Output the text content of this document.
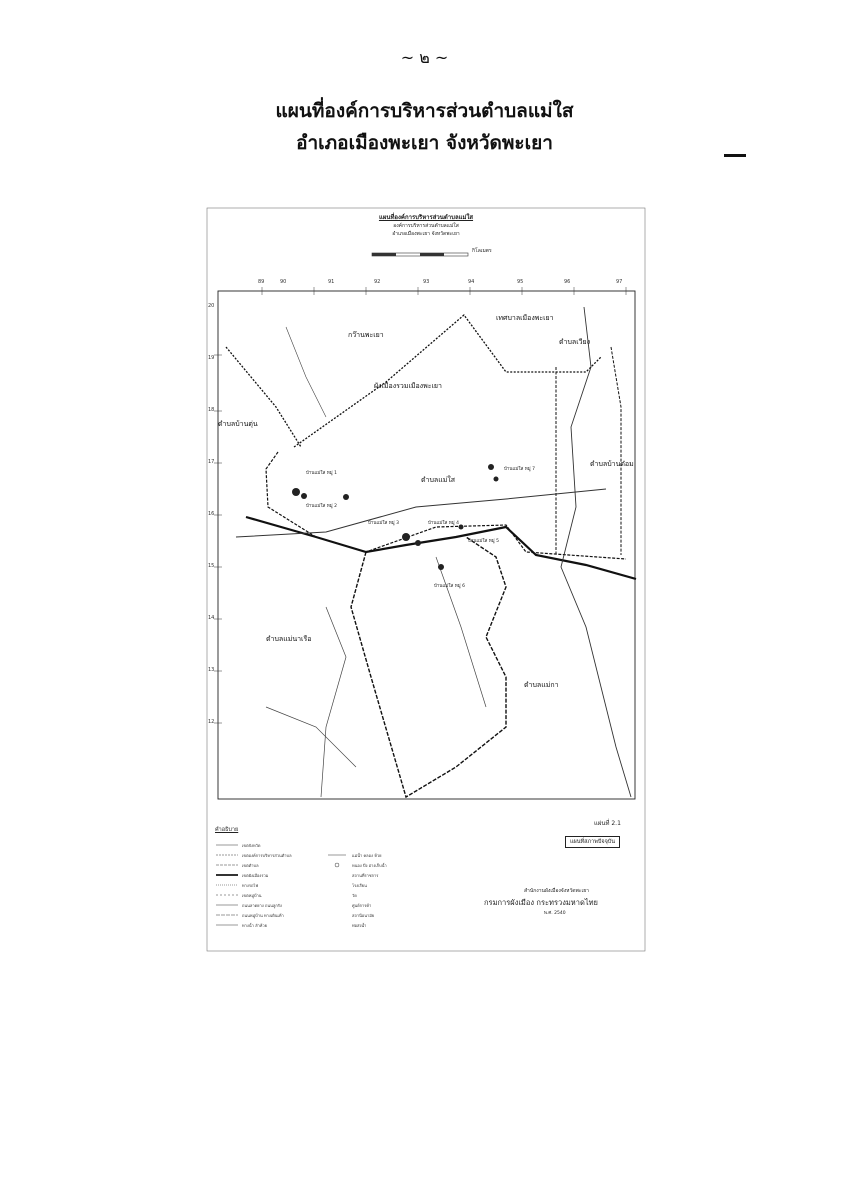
~ ๒ ~
แผนที่องค์การบริหารส่วนตำบลแม่ใส
อำเภอเมืองพะเยา จังหวัดพะเยา
แผนที่องค์การบริหารส่วนตำบลแม่ใส
องค์การบริหารส่วนตำบลแม่ใส
อำเภอเมืองพะเยา จังหวัดพะเยา
กิโลเมตร
89	90	91	92	93	94	95	96	97
20
19
18
17
16
15
14
13
12
กว๊านพะเยา
เทศบาลเมืองพะเยา
ตำบลเวียง
ผังเมืองรวมเมืองพะเยา
ตำบลบ้านตุ่น
ตำบลแม่ใส
ตำบลแม่นาเรือ
ตำบลแม่กา
ตำบลบ้านต๋อม
บ้านแม่ใส หมู่ 1
บ้านแม่ใส หมู่ 2
บ้านแม่ใส หมู่ 3	บ้านแม่ใส หมู่ 4
บ้านแม่ใส หมู่ 5
บ้านแม่ใส หมู่ 6
บ้านแม่ใส หมู่ 7
แผ่นที่ 2.1
แผนที่สภาพปัจจุบัน
คำอธิบาย
เขตจังหวัด
เขตองค์การบริหารส่วนตำบล
เขตตำบล
เขตผังเมืองรวม
ทางรถไฟ
เขตหมู่บ้าน
ถนนลาดยาง ถนนลูกรัง
ถนนหมู่บ้าน ทางเดินเท้า
ทางน้ำ ลำห้วย
แม่น้ำ คลอง ห้วย
หนอง บึง อ่างเก็บน้ำ
สถานที่ราชการ
โรงเรียน
วัด
ศูนย์การค้า
สถานีอนามัย
ท่อส่งน้ำ
สำนักงานผังเมืองจังหวัดพะเยา
กรมการผังเมือง กระทรวงมหาดไทย
พ.ศ. 2540
